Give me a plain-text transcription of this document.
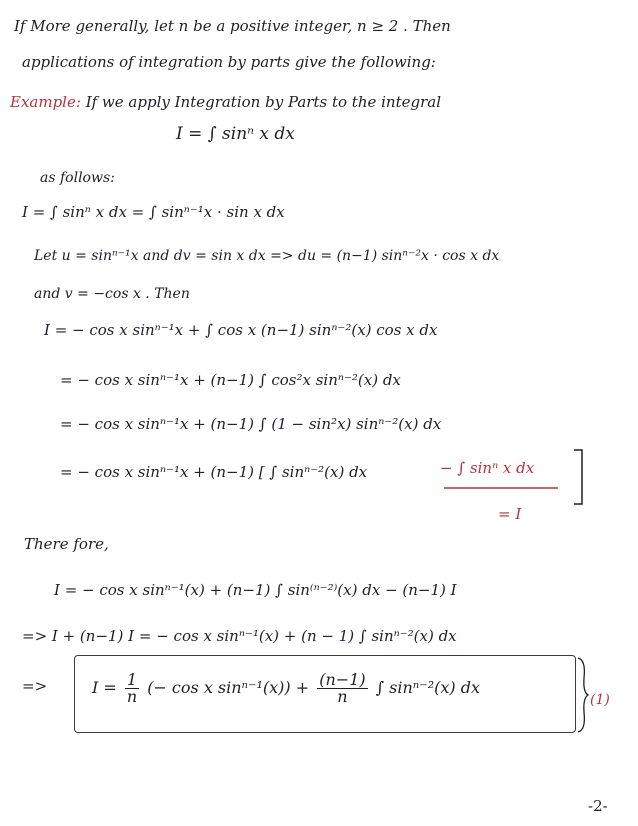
If More generally, let n be a positive integer, n ≥ 2 . Then
applications of integration by parts give the following:
Example: If we apply Integration by Parts to the integral
I = ∫ sinⁿ x dx
as follows:
I = ∫ sinⁿ x dx = ∫ sinⁿ⁻¹x · sin x dx
Let u = sinⁿ⁻¹x and dv = sin x dx => du = (n−1) sinⁿ⁻²x · cos x dx
and v = −cos x . Then
I = − cos x sinⁿ⁻¹x + ∫ cos x (n−1) sinⁿ⁻²(x) cos x dx
= − cos x sinⁿ⁻¹x + (n−1) ∫ cos²x sinⁿ⁻²(x) dx
= − cos x sinⁿ⁻¹x + (n−1) ∫ (1 − sin²x) sinⁿ⁻²(x) dx
= − cos x sinⁿ⁻¹x + (n−1) [ ∫ sinⁿ⁻²(x) dx	− ∫ sinⁿ x dx
= I
There fore,
I = − cos x sinⁿ⁻¹(x) + (n−1) ∫ sin⁽ⁿ⁻²⁾(x) dx − (n−1) I
=> I + (n−1) I = − cos x sinⁿ⁻¹(x) + (n − 1) ∫ sinⁿ⁻²(x) dx
=>	$I = \frac{1}{n}$ (− cos x $\sin^{n-1}(x)) + \frac{(n-1)}{n}$ ∫ sinⁿ⁻²(x) dx
(1)
-2-
